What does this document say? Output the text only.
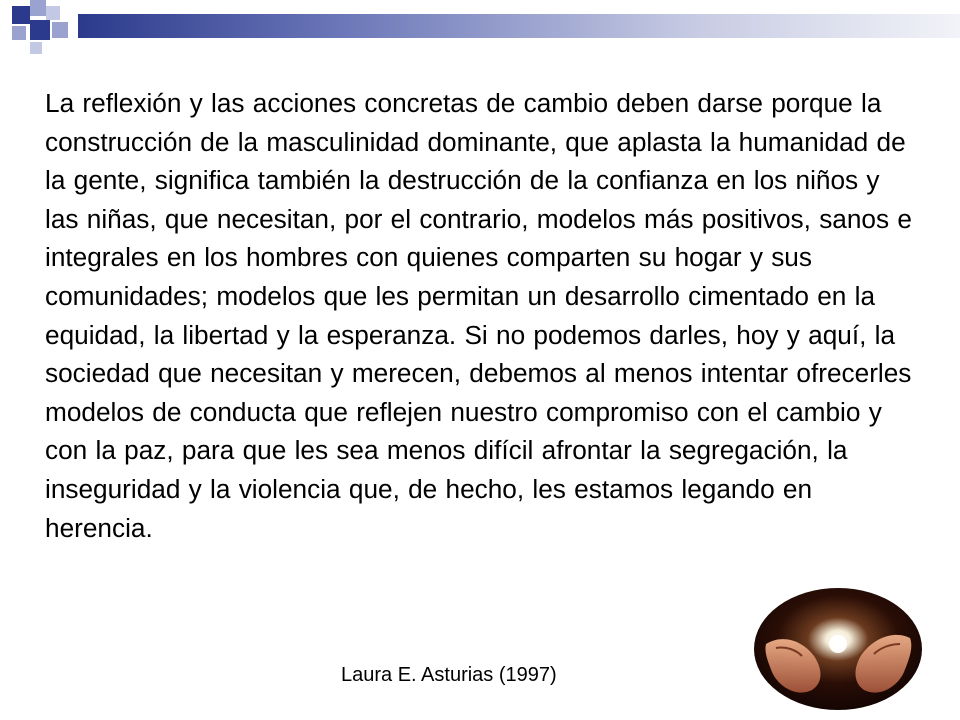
La reflexión y las acciones concretas de cambio deben darse porque la construcción de la masculinidad dominante, que aplasta la humanidad de la gente, significa también la destrucción de la confianza en los niños y las niñas, que necesitan, por el contrario, modelos más positivos, sanos e integrales en los hombres con quienes comparten su hogar y sus comunidades; modelos que les permitan un desarrollo cimentado en la equidad, la libertad y la esperanza. Si no podemos darles, hoy y aquí, la sociedad que necesitan y merecen, debemos al menos intentar ofrecerles modelos de conducta que reflejen nuestro compromiso con el cambio y con la paz, para que les sea menos difícil afrontar la segregación, la inseguridad y la violencia que, de hecho, les estamos legando en herencia.

Laura E. Asturias (1997)
